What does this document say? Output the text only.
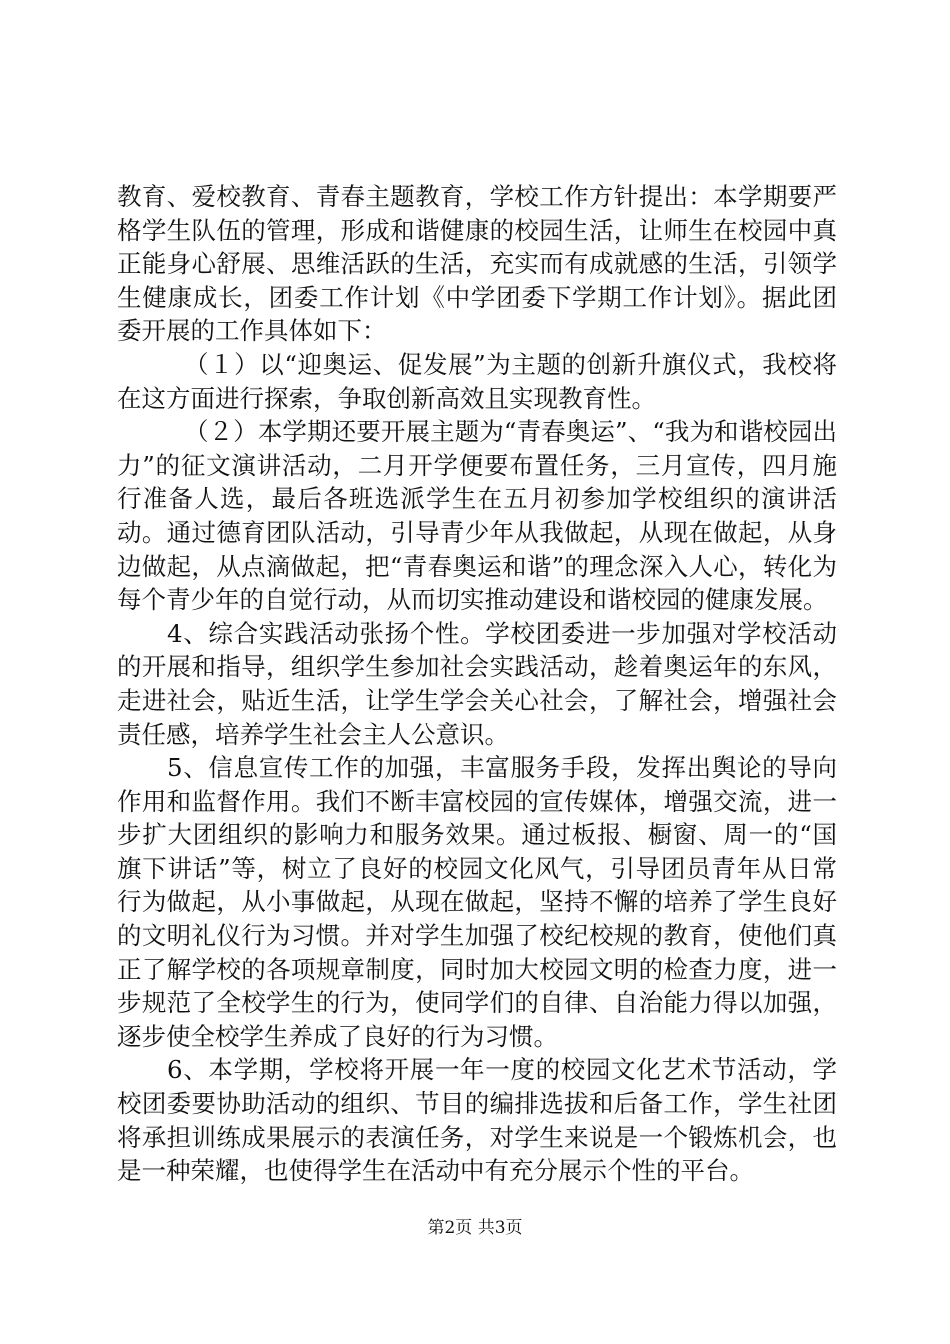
教育、爱校教育、青春主题教育，学校工作方针提出：本学期要严格学生队伍的管理，形成和谐健康的校园生活，让师生在校园中真正能身心舒展、思维活跃的生活，充实而有成就感的生活，引领学生健康成长，团委工作计划《中学团委下学期工作计划》。据此团委开展的工作具体如下：

（１）以“迎奥运、促发展”为主题的创新升旗仪式，我校将在这方面进行探索，争取创新高效且实现教育性。

（２）本学期还要开展主题为“青春奥运”、“我为和谐校园出力”的征文演讲活动，二月开学便要布置任务，三月宣传，四月施行准备人选，最后各班选派学生在五月初参加学校组织的演讲活动。通过德育团队活动，引导青少年从我做起，从现在做起，从身边做起，从点滴做起，把“青春奥运和谐”的理念深入人心，转化为每个青少年的自觉行动，从而切实推动建设和谐校园的健康发展。

4、综合实践活动张扬个性。学校团委进一步加强对学校活动的开展和指导，组织学生参加社会实践活动，趁着奥运年的东风，走进社会，贴近生活，让学生学会关心社会，了解社会，增强社会责任感，培养学生社会主人公意识。

5、信息宣传工作的加强，丰富服务手段，发挥出舆论的导向作用和监督作用。我们不断丰富校园的宣传媒体，增强交流，进一步扩大团组织的影响力和服务效果。通过板报、橱窗、周一的“国旗下讲话”等，树立了良好的校园文化风气，引导团员青年从日常行为做起，从小事做起，从现在做起，坚持不懈的培养了学生良好的文明礼仪行为习惯。并对学生加强了校纪校规的教育，使他们真正了解学校的各项规章制度，同时加大校园文明的检查力度，进一步规范了全校学生的行为，使同学们的自律、自治能力得以加强，逐步使全校学生养成了良好的行为习惯。

6、本学期，学校将开展一年一度的校园文化艺术节活动，学校团委要协助活动的组织、节目的编排选拔和后备工作，学生社团将承担训练成果展示的表演任务，对学生来说是一个锻炼机会，也是一种荣耀，也使得学生在活动中有充分展示个性的平台。

第2页 共3页
